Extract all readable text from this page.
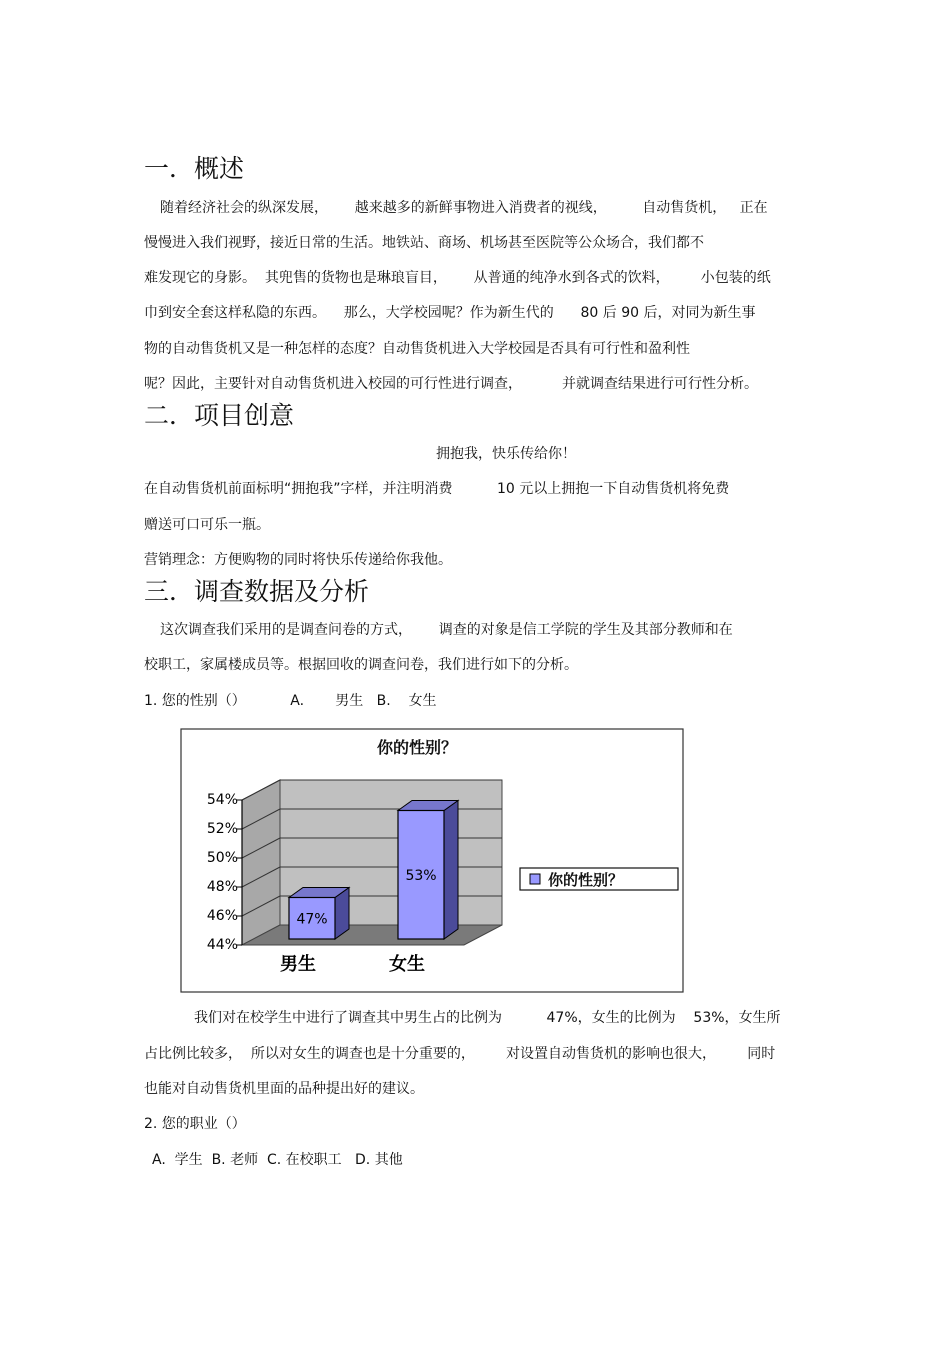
一．概述
随着经济社会的纵深发展，      越来越多的新鲜事物进入消费者的视线，        自动售货机，   正在
慢慢进入我们视野，接近日常的生活。地铁站、商场、机场甚至医院等公众场合，我们都不
难发现它的身影。  其兜售的货物也是琳琅盲目，      从普通的纯净水到各式的饮料，       小包装的纸
巾到安全套这样私隐的东西。    那么，大学校园呢？作为新生代的      80 后 90 后，对同为新生事
物的自动售货机又是一种怎样的态度？自动售货机进入大学校园是否具有可行性和盈利性
呢？因此，主要针对自动售货机进入校园的可行性进行调查，         并就调查结果进行可行性分析。
二．项目创意
拥抱我，快乐传给你！
在自动售货机前面标明“拥抱我”字样，并注明消费          10 元以上拥抱一下自动售货机将免费
赠送可口可乐一瓶。
营销理念：方便购物的同时将快乐传递给你我他。
三．调查数据及分析
这次调查我们采用的是调查问卷的方式，      调查的对象是信工学院的学生及其部分教师和在
校职工，家属楼成员等。根据回收的调查问卷，我们进行如下的分析。
1. 您的性别（）          A.       男生   B.    女生
你的性别？
44%
46%
48%
50%
52%
54%
47%
男生
53%
女生
你的性别？
我们对在校学生中进行了调查其中男生占的比例为          47%，女生的比例为    53%，女生所
占比例比较多，  所以对女生的调查也是十分重要的，       对设置自动售货机的影响也很大，       同时
也能对自动售货机里面的品种提出好的建议。
2. 您的职业（）
A.  学生  B. 老师  C. 在校职工   D. 其他
